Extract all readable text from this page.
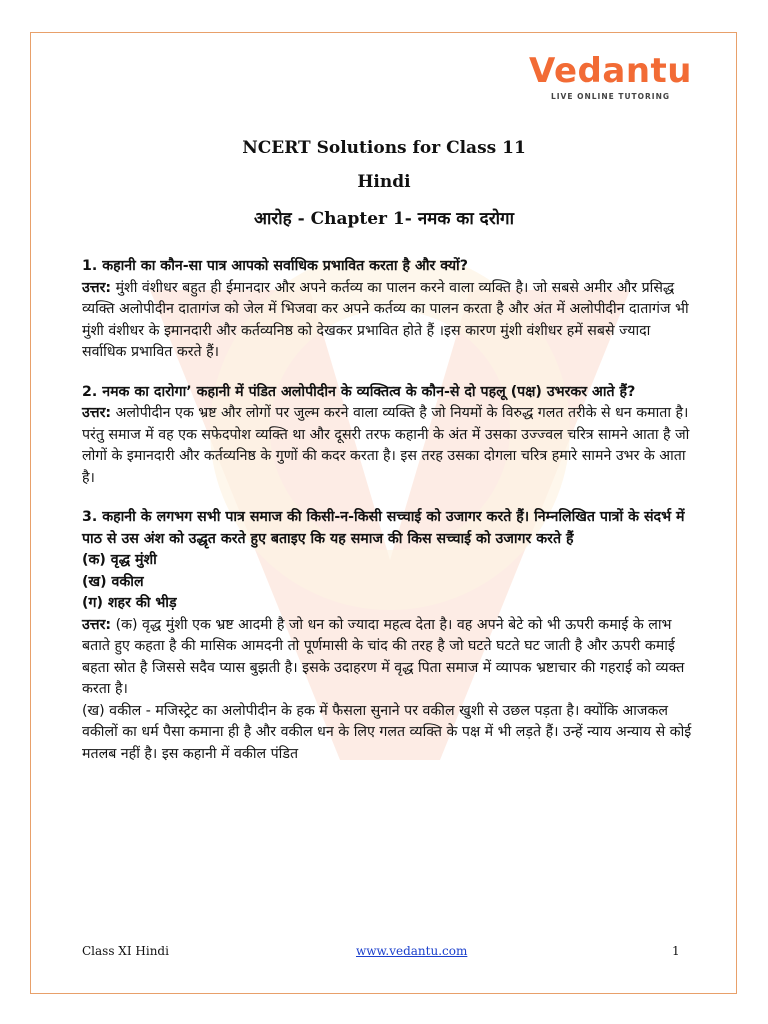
Vedantu
LIVE ONLINE TUTORING
NCERT Solutions for Class 11
Hindi
आरोह - Chapter 1- नमक का दरोगा

1. कहानी का कौन-सा पात्र आपको सर्वाधिक प्रभावित करता है और क्यों?

उत्तर: मुंशी वंशीधर बहुत ही ईमानदार और अपने कर्तव्य का पालन करने वाला व्यक्ति है। जो सबसे अमीर और प्रसिद्ध व्यक्ति अलोपीदीन दातागंज को जेल में भिजवा कर अपने कर्तव्य का पालन करता है और अंत में अलोपीदीन दातागंज भी मुंशी वंशीधर के इमानदारी और कर्तव्यनिष्ठ को देखकर प्रभावित होते हैं ।इस कारण मुंशी वंशीधर हमें सबसे ज्यादा सर्वाधिक प्रभावित करते हैं।

2. नमक का दारोगा’ कहानी में पंडित अलोपीदीन के व्यक्तित्व के कौन-से दो पहलू (पक्ष) उभरकर आते हैं?

उत्तर: अलोपीदीन एक भ्रष्ट और लोगों पर जुल्म करने वाला व्यक्ति है जो नियमों के विरुद्ध गलत तरीके से धन कमाता है। परंतु समाज में वह एक सफेदपोश व्यक्ति था और दूसरी तरफ कहानी के अंत में उसका उज्ज्वल चरित्र सामने आता है जो लोगों के इमानदारी और कर्तव्यनिष्ठ के गुणों की कदर करता है। इस तरह उसका दोगला चरित्र हमारे सामने उभर के आता है।

3. कहानी के लगभग सभी पात्र समाज की किसी-न-किसी सच्चाई को उजागर करते हैं। निम्नलिखित पात्रों के संदर्भ में पाठ से उस अंश को उद्धृत करते हुए बताइए कि यह समाज की किस सच्चाई को उजागर करते हैं

(क) वृद्ध मुंशी

(ख) वकील

(ग) शहर की भीड़

उत्तर: (क) वृद्ध मुंशी एक भ्रष्ट आदमी है जो धन को ज्यादा महत्व देता है। वह अपने बेटे को भी ऊपरी कमाई के लाभ बताते हुए कहता है की मासिक आमदनी तो पूर्णमासी के चांद की तरह है जो घटते घटते घट जाती है और ऊपरी कमाई बहता स्रोत है जिससे सदैव प्यास बुझती है। इसके उदाहरण में वृद्ध पिता समाज में व्यापक भ्रष्टाचार की गहराई को व्यक्त करता है।

(ख) वकील - मजिस्ट्रेट का अलोपीदीन के हक में फैसला सुनाने पर वकील खुशी से उछल पड़ता है। क्योंकि आजकल वकीलों का धर्म पैसा कमाना ही है और वकील धन के लिए गलत व्यक्ति के पक्ष में भी लड़ते हैं। उन्हें न्याय अन्याय से कोई मतलब नहीं है। इस कहानी में वकील पंडित

Class XI Hindi	www.vedantu.com	1
